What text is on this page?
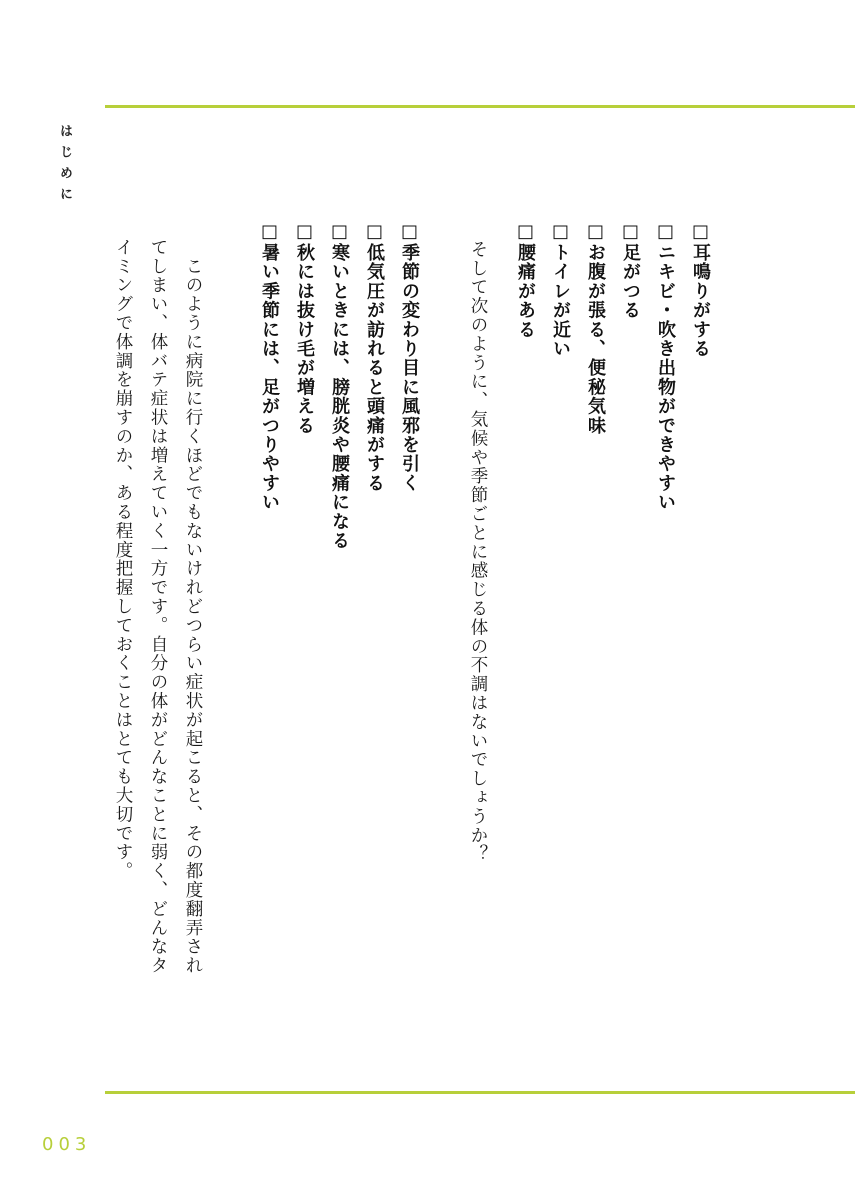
はじめに
□耳鳴りがする
□ニキビ・吹き出物ができやすい
□足がつる
□お腹が張る、便秘気味
□トイレが近い
□腰痛がある
そして次のように、気候や季節ごとに感じる体の不調はないでしょうか？
□季節の変わり目に風邪を引く
□低気圧が訪れると頭痛がする
□寒いときには、膀胱炎や腰痛になる
□秋には抜け毛が増える
□暑い季節には、足がつりやすい
　このように病院に行くほどでもないけれどつらい症状が起こると、その都度翻弄され
てしまい、体バテ症状は増えていく一方です。自分の体がどんなことに弱く、どんなタ
イミングで体調を崩すのか、ある程度把握しておくことはとても大切です。
003
